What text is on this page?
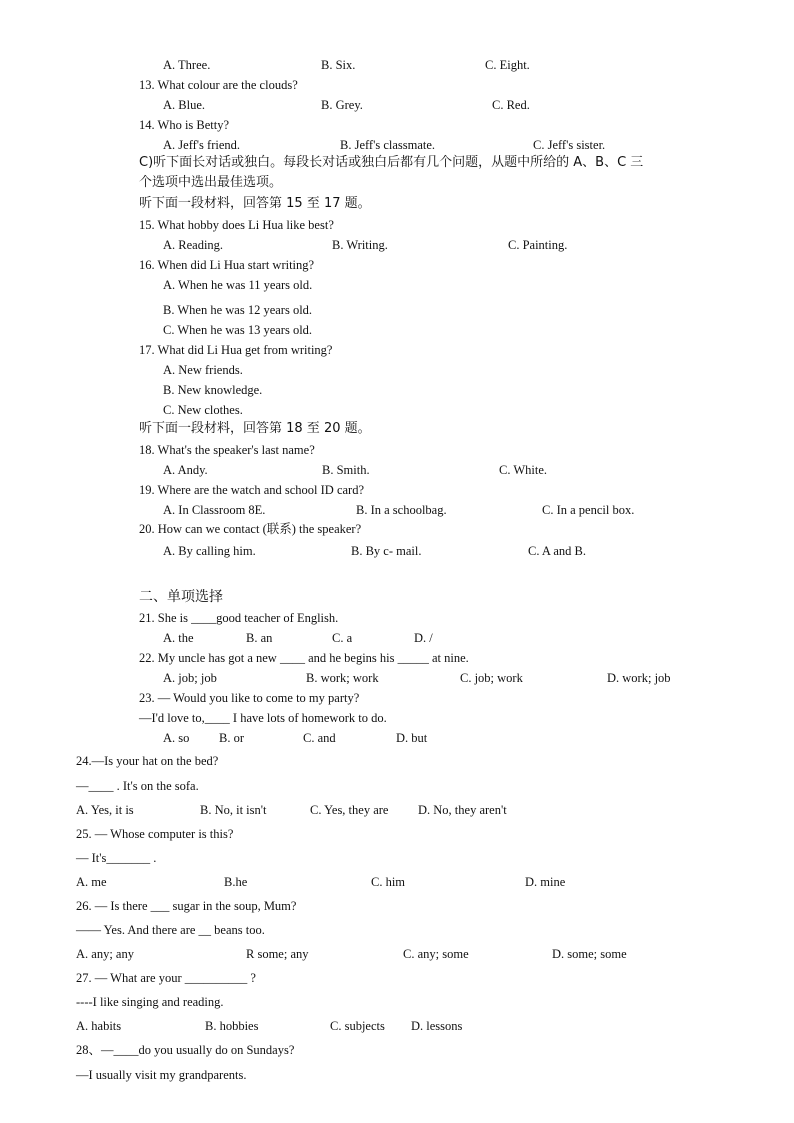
A. Three.	B. Six.	C. Eight.
13. What colour are the clouds?
A. Blue.	B. Grey.	C. Red.
14. Who is Betty?
A. Jeff's friend.	B. Jeff's classmate.	C. Jeff's sister.
C)听下面长对话或独白。每段长对话或独白后都有几个问题，从题中所给的 A、B、C 三
个选项中选出最佳选项。
听下面一段材料，回答第 15 至 17 题。
15. What hobby does Li Hua like best?
A. Reading.	B. Writing.	C. Painting.
16. When did Li Hua start writing?
A. When he was 11 years old.
B. When he was 12 years old.
C. When he was 13 years old.
17. What did Li Hua get from writing?
A. New friends.
B. New knowledge.
C. New clothes.
听下面一段材料，回答第 18 至 20 题。
18. What's the speaker's last name?
A. Andy.	B. Smith.	C. White.
19. Where are the watch and school ID card?
A. In Classroom 8E.	B. In a schoolbag.	C. In a pencil box.
20. How can we contact (联系) the speaker?
A. By calling him.	B. By c- mail.	C. A and B.
二、单项选择
21. She is ____good teacher of English.
A. the	B. an	C. a	D. /
22. My uncle has got a new ____ and he begins his _____ at nine.
A. job; job	B. work; work	C. job; work	D. work; job
23. — Would you like to come to my party?
—I'd love to,____ I have lots of homework to do.
A. so B. or	C. and	D. but
24.—Is your hat on the bed?
—____ . It's on the sofa.
A. Yes, it is	B. No, it isn't	C. Yes, they are D. No, they aren't
25. — Whose computer is this?
— It's_______ .
A. me	B.he	C. him	D. mine
26. — Is there ___ sugar in the soup, Mum?
—— Yes. And there are __ beans too.
A. any; any	R some; any	C. any; some	D. some; some
27. — What are your __________ ?
----I like singing and reading.
A. habits	B. hobbies	C. subjects D. lessons
28、—____do you usually do on Sundays?
—I usually visit my grandparents.
